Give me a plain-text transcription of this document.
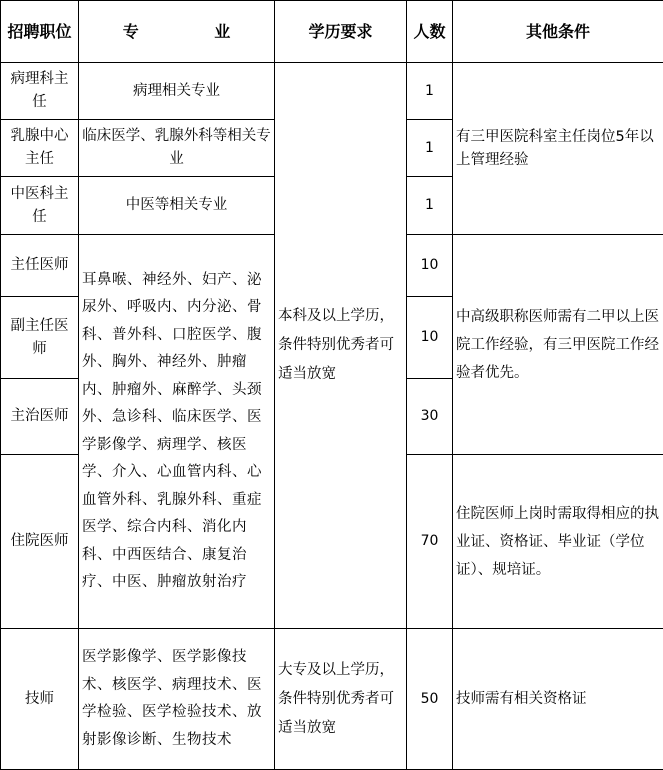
招聘职位	专 业	学历要求	人数	其他条件
病理科主任	病理相关专业	本科及以上学历，条件特别优秀者可适当放宽	1	有三甲医院科室主任岗位5年以上管理经验
乳腺中心主任	临床医学、乳腺外科等相关专业		1	
中医科主任	中医等相关专业		1	
主任医师	耳鼻喉、神经外、妇产、泌尿外、呼吸内、内分泌、骨科、普外科、口腔医学、腹外、胸外、神经外、肿瘤内、肿瘤外、麻醉学、头颈外、急诊科、临床医学、医学影像学、病理学、核医学、介入、心血管内科、心血管外科、乳腺外科、重症医学、综合内科、消化内科、中西医结合、康复治疗、中医、肿瘤放射治疗		10	中高级职称医师需有二甲以上医院工作经验，有三甲医院工作经验者优先。
副主任医师			10	
主治医师			30	
住院医师			70	住院医师上岗时需取得相应的执业证、资格证、毕业证（学位证）、规培证。
技师	医学影像学、医学影像技术、核医学、病理技术、医学检验、医学检验技术、放射影像诊断、生物技术	大专及以上学历，条件特别优秀者可适当放宽	50	技师需有相关资格证
